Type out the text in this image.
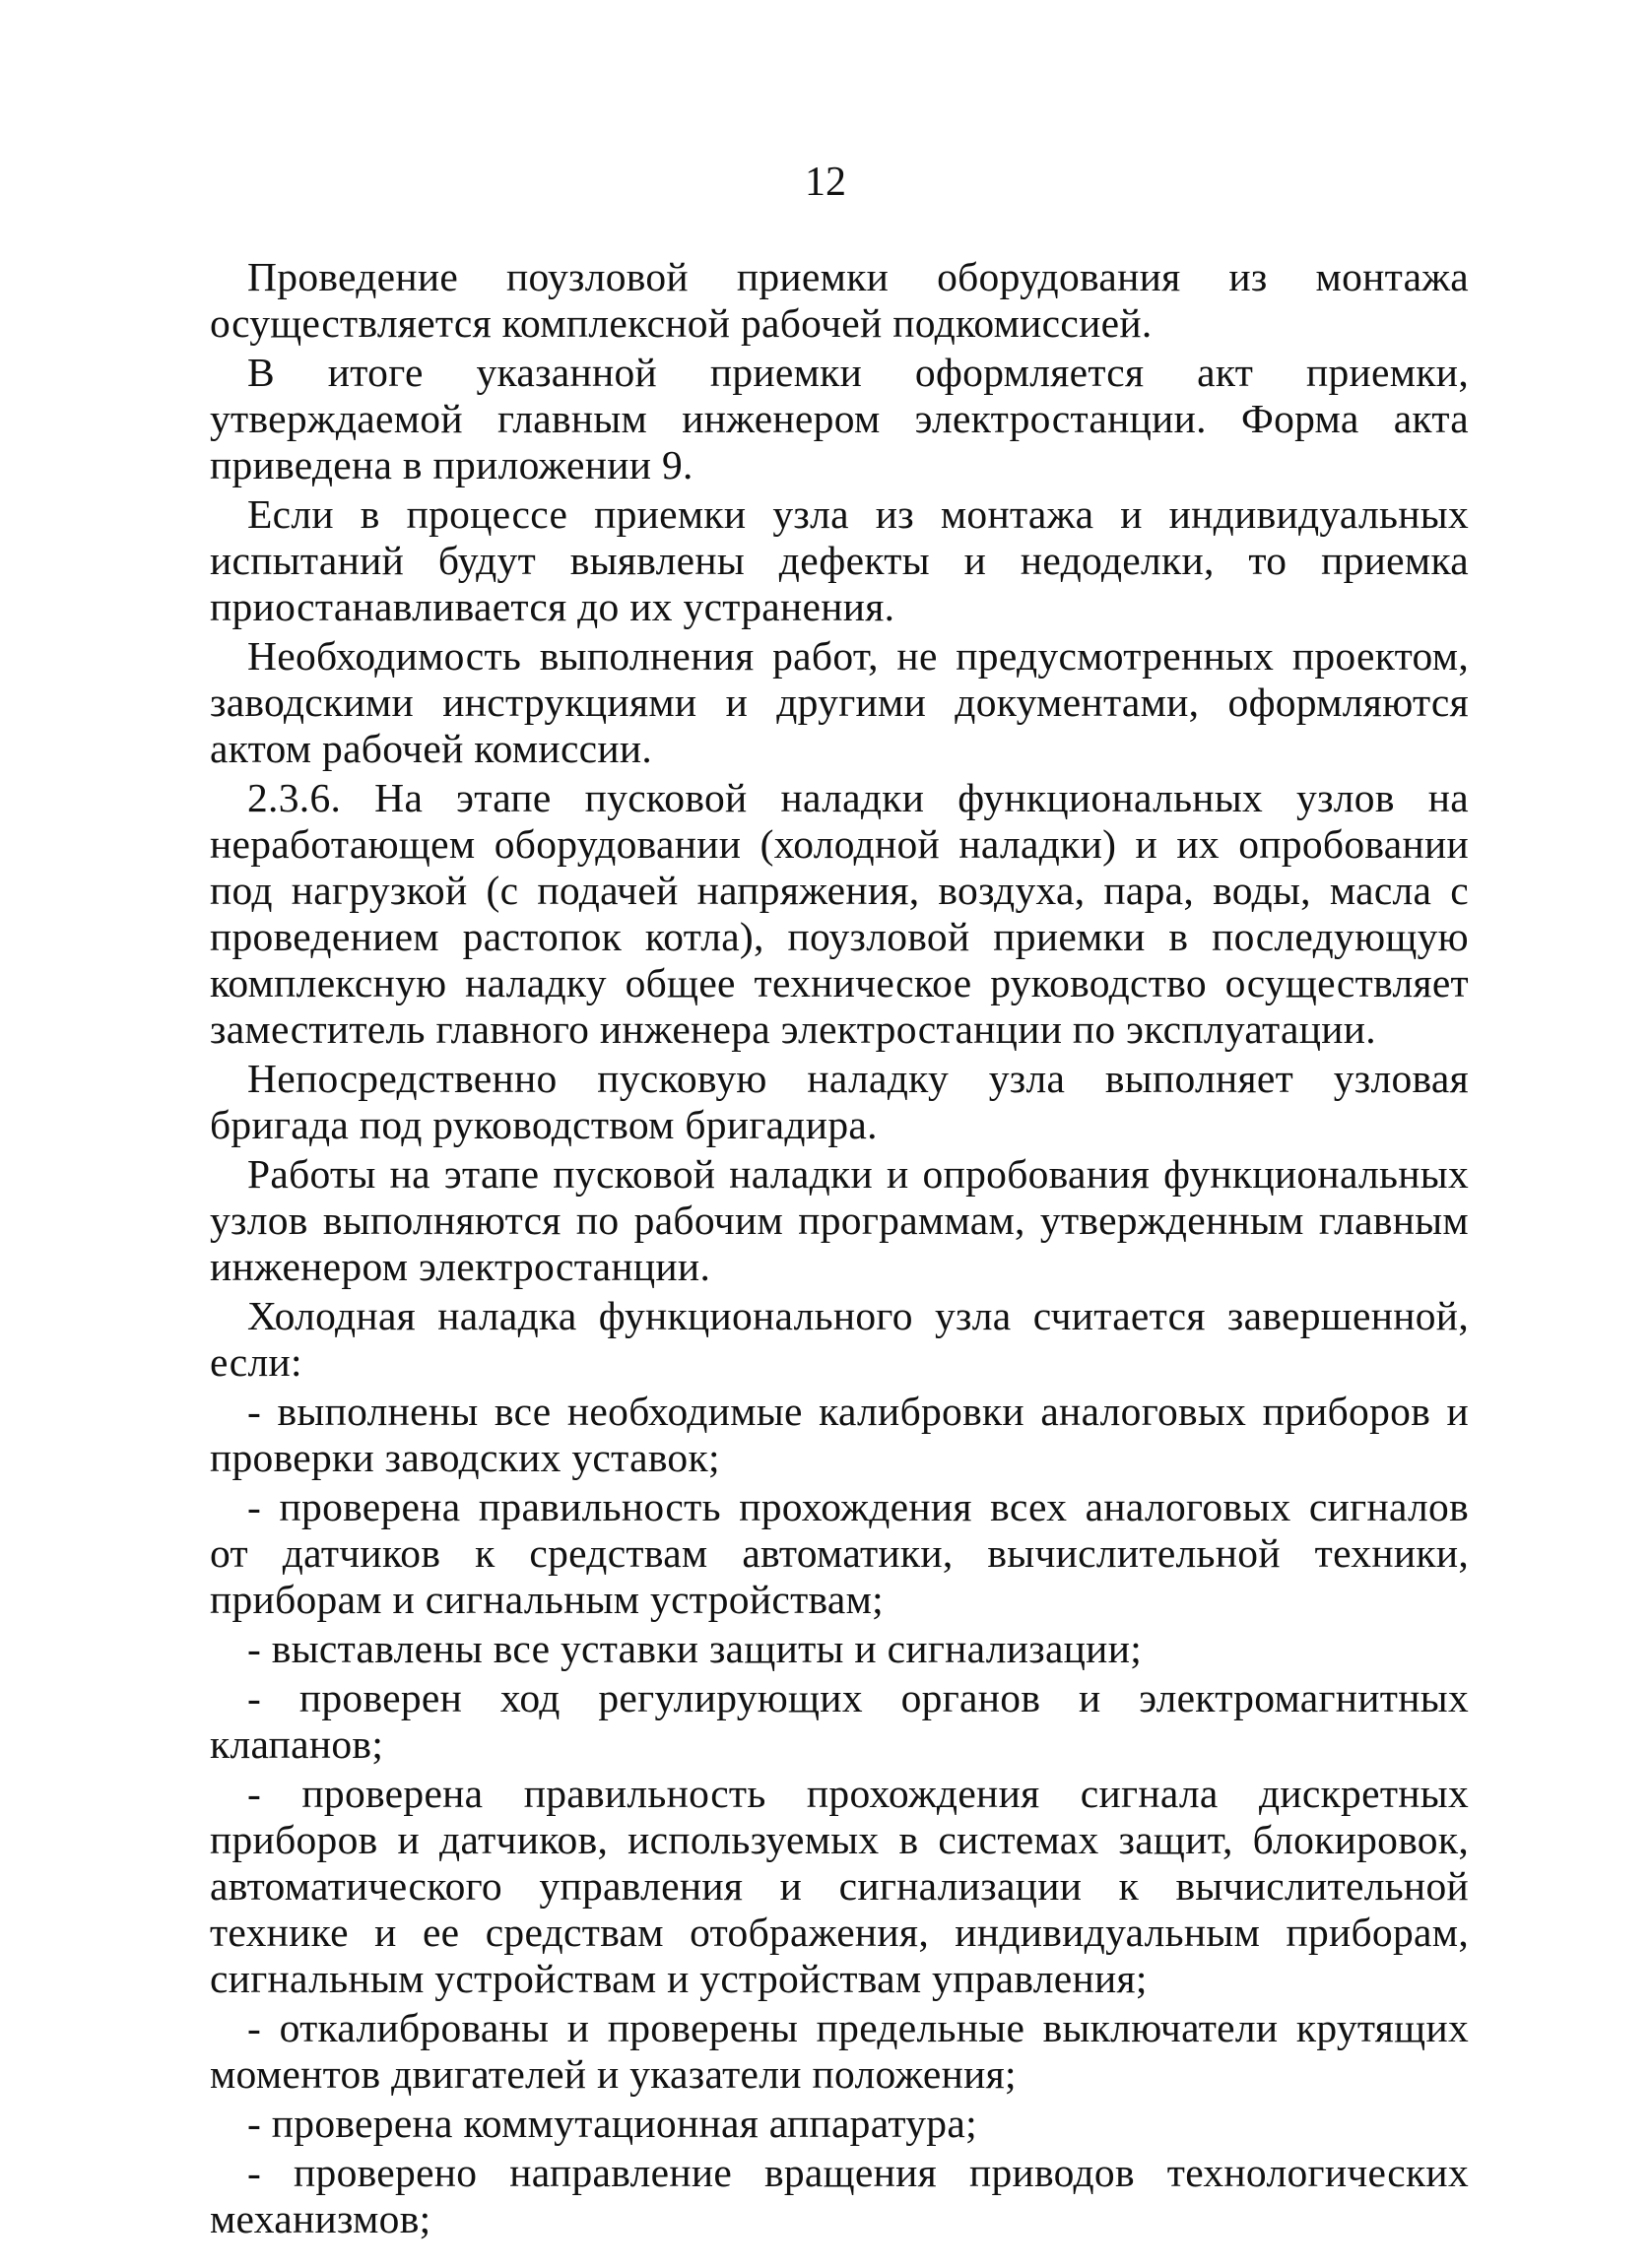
12

Проведение поузловой приемки оборудования из монтажа осуществляется комплексной рабочей подкомиссией.

В итоге указанной приемки оформляется акт приемки, утверждаемой главным инженером электростанции. Форма акта приведена в приложении 9.

Если в процессе приемки узла из монтажа и индивидуальных испытаний будут выявлены дефекты и недоделки, то приемка приостанавливается до их устранения.

Необходимость выполнения работ, не предусмотренных проектом, заводскими инструкциями и другими документами, оформляются актом рабочей комиссии.

2.3.6. На этапе пусковой наладки функциональных узлов на неработающем оборудовании (холодной наладки) и их опробовании под нагрузкой (с подачей напряжения, воздуха, пара, воды, масла с проведением растопок котла), поузловой приемки в последующую комплексную наладку общее техническое руководство осуществляет заместитель главного инженера электростанции по эксплуатации.

Непосредственно пусковую наладку узла выполняет узловая бригада под руководством бригадира.

Работы на этапе пусковой наладки и опробования функциональных узлов выполняются по рабочим программам, утвержденным главным инженером электростанции.

Холодная наладка функционального узла считается завершенной, если:

- выполнены все необходимые калибровки аналоговых приборов и проверки заводских уставок;

- проверена правильность прохождения всех аналоговых сигналов от датчиков к средствам автоматики, вычислительной техники, приборам и сигнальным устройствам;

- выставлены все уставки защиты и сигнализации;

- проверен ход регулирующих органов и электромагнитных клапанов;

- проверена правильность прохождения сигнала дискретных приборов и датчиков, используемых в системах защит, блокировок, автоматического управления и сигнализации к вычислительной технике и ее средствам отображения, индивидуальным приборам, сигнальным устройствам и устройствам управления;

- откалиброваны и проверены предельные выключатели крутящих моментов двигателей и указатели положения;

- проверена коммутационная аппаратура;

- проверено направление вращения приводов технологических механизмов;
